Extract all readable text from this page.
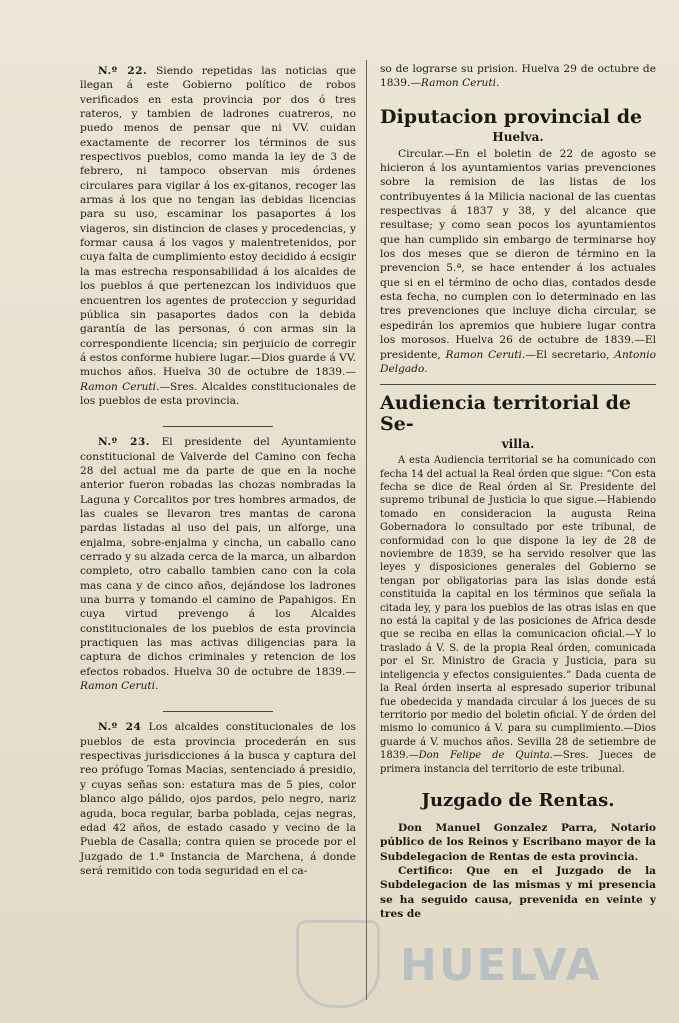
N.º 22. Siendo repetidas las noticias que llegan á este Gobierno político de robos verificados en esta provincia por dos ó tres rateros, y tambien de ladrones cuatreros, no puedo menos de pensar que ni VV. cuidan exactamente de recorrer los términos de sus respectivos pueblos, como manda la ley de 3 de febrero, ni tampoco observan mis órdenes circulares para vigilar á los ex-gitanos, recoger las armas á los que no tengan las debidas licencias para su uso, escaminar los pasaportes á los viageros, sin distincion de clases y procedencias, y formar causa á los vagos y malentretenidos, por cuya falta de cumplimiento estoy decidido á ecsigir la mas estrecha responsabilidad á los alcaldes de los pueblos á que pertenezcan los individuos que encuentren los agentes de proteccion y seguridad pública sin pasaportes dados con la debida garantía de las personas, ó con armas sin la correspondiente licencia; sin perjuicio de corregir á estos conforme hubiere lugar.—Dios guarde á VV. muchos años. Huelva 30 de octubre de 1839.—Ramon Ceruti.—Sres. Alcaldes constitucionales de los pueblos de esta provincia.

N.º 23. El presidente del Ayuntamiento constitucional de Valverde del Camino con fecha 28 del actual me da parte de que en la noche anterior fueron robadas las chozas nombradas la Laguna y Corcalitos por tres hombres armados, de las cuales se llevaron tres mantas de carona pardas listadas al uso del pais, un alforge, una enjalma, sobre-enjalma y cincha, un caballo cano cerrado y su alzada cerca de la marca, un albardon completo, otro caballo tambien cano con la cola mas cana y de cinco años, dejándose los ladrones una burra y tomando el camino de Papahigos. En cuya virtud prevengo á los Alcaldes constitucionales de los pueblos de esta provincia practiquen las mas activas diligencias para la captura de dichos criminales y retencion de los efectos robados. Huelva 30 de octubre de 1839.—Ramon Ceruti.

N.º 24 Los alcaldes constitucionales de los pueblos de esta provincia procederán en sus respectivas jurisdicciones á la busca y captura del reo prófugo Tomas Macias, sentenciado á presidio, y cuyas señas son: estatura mas de 5 pies, color blanco algo pálido, ojos pardos, pelo negro, nariz aguda, boca regular, barba poblada, cejas negras, edad 42 años, de estado casado y vecino de la Puebla de Casalla; contra quien se procede por el Juzgado de 1.ª Instancia de Marchena, á donde será remitido con toda seguridad en el ca-

so de lograrse su prision. Huelva 29 de octubre de 1839.—Ramon Ceruti.

Diputacion provincial de
Huelva.

Circular.—En el boletin de 22 de agosto se hicieron á los ayuntamientos varias prevenciones sobre la remision de las listas de los contribuyentes á la Milicia nacional de las cuentas respectivas á 1837 y 38, y del alcance que resultase; y como sean pocos los ayuntamientos que han cumplido sin embargo de terminarse hoy los dos meses que se dieron de término en la prevencion 5.ª, se hace entender á los actuales que si en el término de ocho dias, contados desde esta fecha, no cumplen con lo determinado en las tres prevenciones que incluye dicha circular, se espedirán los apremios que hubiere lugar contra los morosos. Huelva 26 de octubre de 1839.—El presidente, Ramon Ceruti.—El secretario, Antonio Delgado.

Audiencia territorial de Se-
villa.

A esta Audiencia territorial se ha comunicado con fecha 14 del actual la Real órden que sigue: “Con esta fecha se dice de Real órden al Sr. Presidente del supremo tribunal de Justicia lo que sigue.—Habiendo tomado en consideracion la augusta Reina Gobernadora lo consultado por este tribunal, de conformidad con lo que dispone la ley de 28 de noviembre de 1839, se ha servido resolver que las leyes y disposiciones generales del Gobierno se tengan por obligatorias para las islas donde está constituida la capital en los términos que señala la citada ley, y para los pueblos de las otras islas en que no está la capital y de las posiciones de Africa desde que se reciba en ellas la comunicacion oficial.—Y lo traslado á V. S. de la propia Real órden, comunicada por el Sr. Ministro de Gracia y Justicia, para su inteligencia y efectos consiguientes.” Dada cuenta de la Real órden inserta al espresado superior tribunal fue obedecida y mandada circular á los jueces de su territorio por medio del boletin oficial. Y de órden del mismo lo comunico á V. para su cumplimiento.—Dios guarde á V. muchos años. Sevilla 28 de setiembre de 1839.—Don Felipe de Quinta.—Sres. Jueces de primera instancia del territorio de este tribunal.

Juzgado de Rentas.

Don Manuel Gonzalez Parra, Notario público de los Reinos y Escribano mayor de la Subdelegacion de Rentas de esta provincia.

Certifico: Que en el Juzgado de la Subdelegacion de las mismas y mi presencia se ha seguido causa, prevenida en veinte y tres de

HUELVA
